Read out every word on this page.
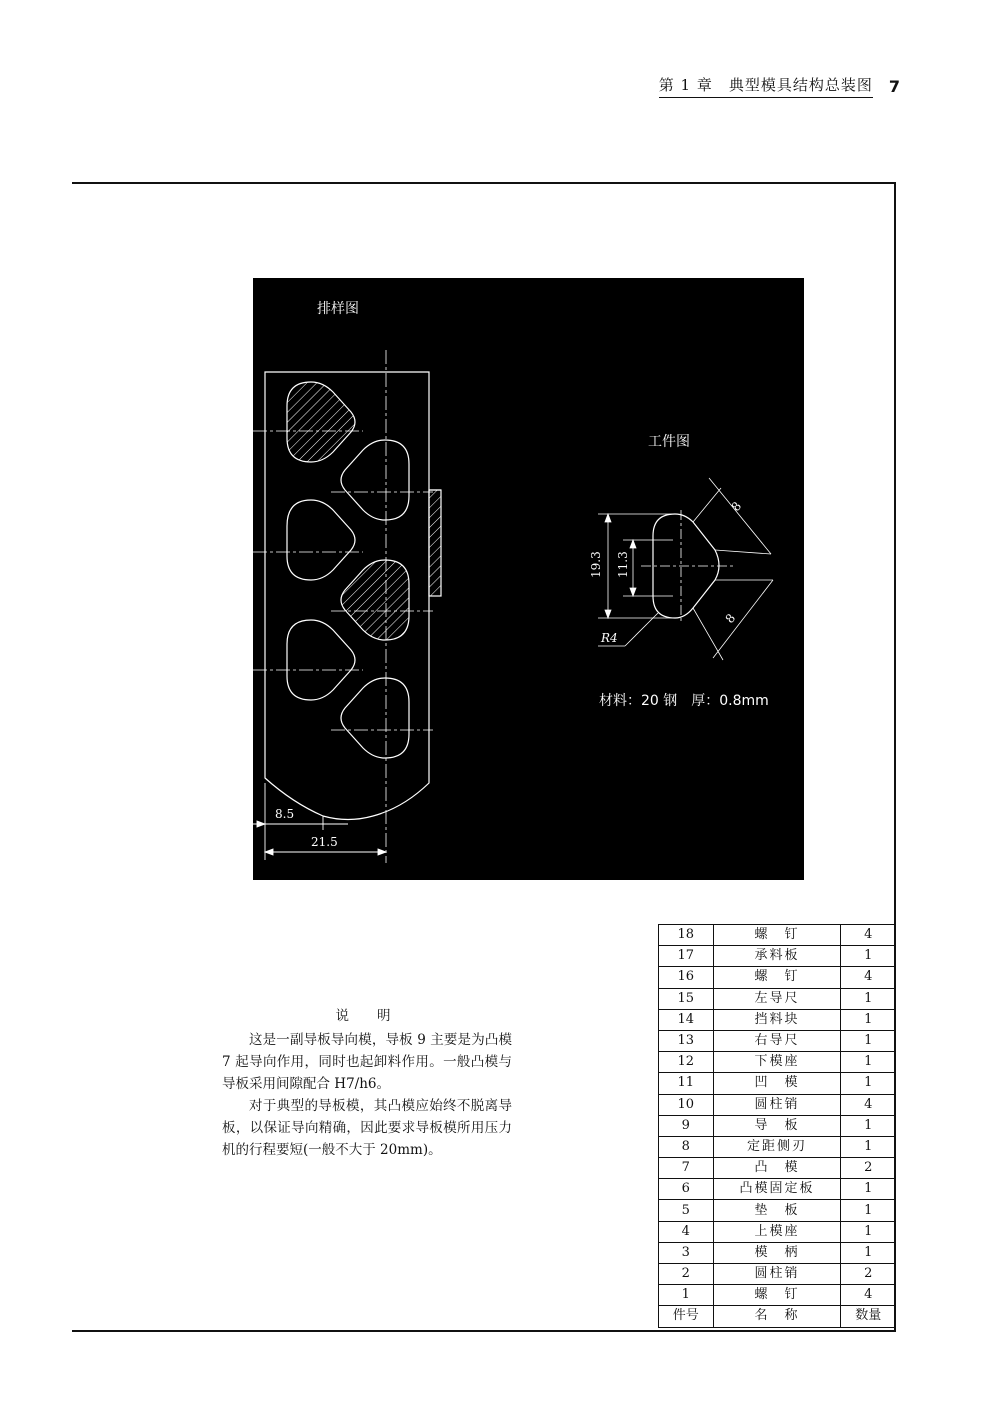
第 1 章　典型模具结构总装图 7
排样图
工件图
8.5
21.5
19.3 11.3
8
8
R4
材料：20 钢　厚：0.8mm
说明

这是一副导板导向模，导板 9 主要是为凸模 7 起导向作用，同时也起卸料作用。一般凸模与导板采用间隙配合 H7/h6。

对于典型的导板模，其凸模应始终不脱离导板，以保证导向精确，因此要求导板模所用压力机的行程要短(一般不大于 20mm)。

18	螺　钉	4
17	承料板	1
16	螺　钉	4
15	左导尺	1
14	挡料块	1
13	右导尺	1
12	下模座	1
11	凹　模	1
10	圆柱销	4
9	导　板	1
8	定距侧刃	1
7	凸　模	2
6	凸模固定板	1
5	垫　板	1
4	上模座	1
3	模　柄	1
2	圆柱销	2
1	螺　钉	4
件号	名　称	数量
